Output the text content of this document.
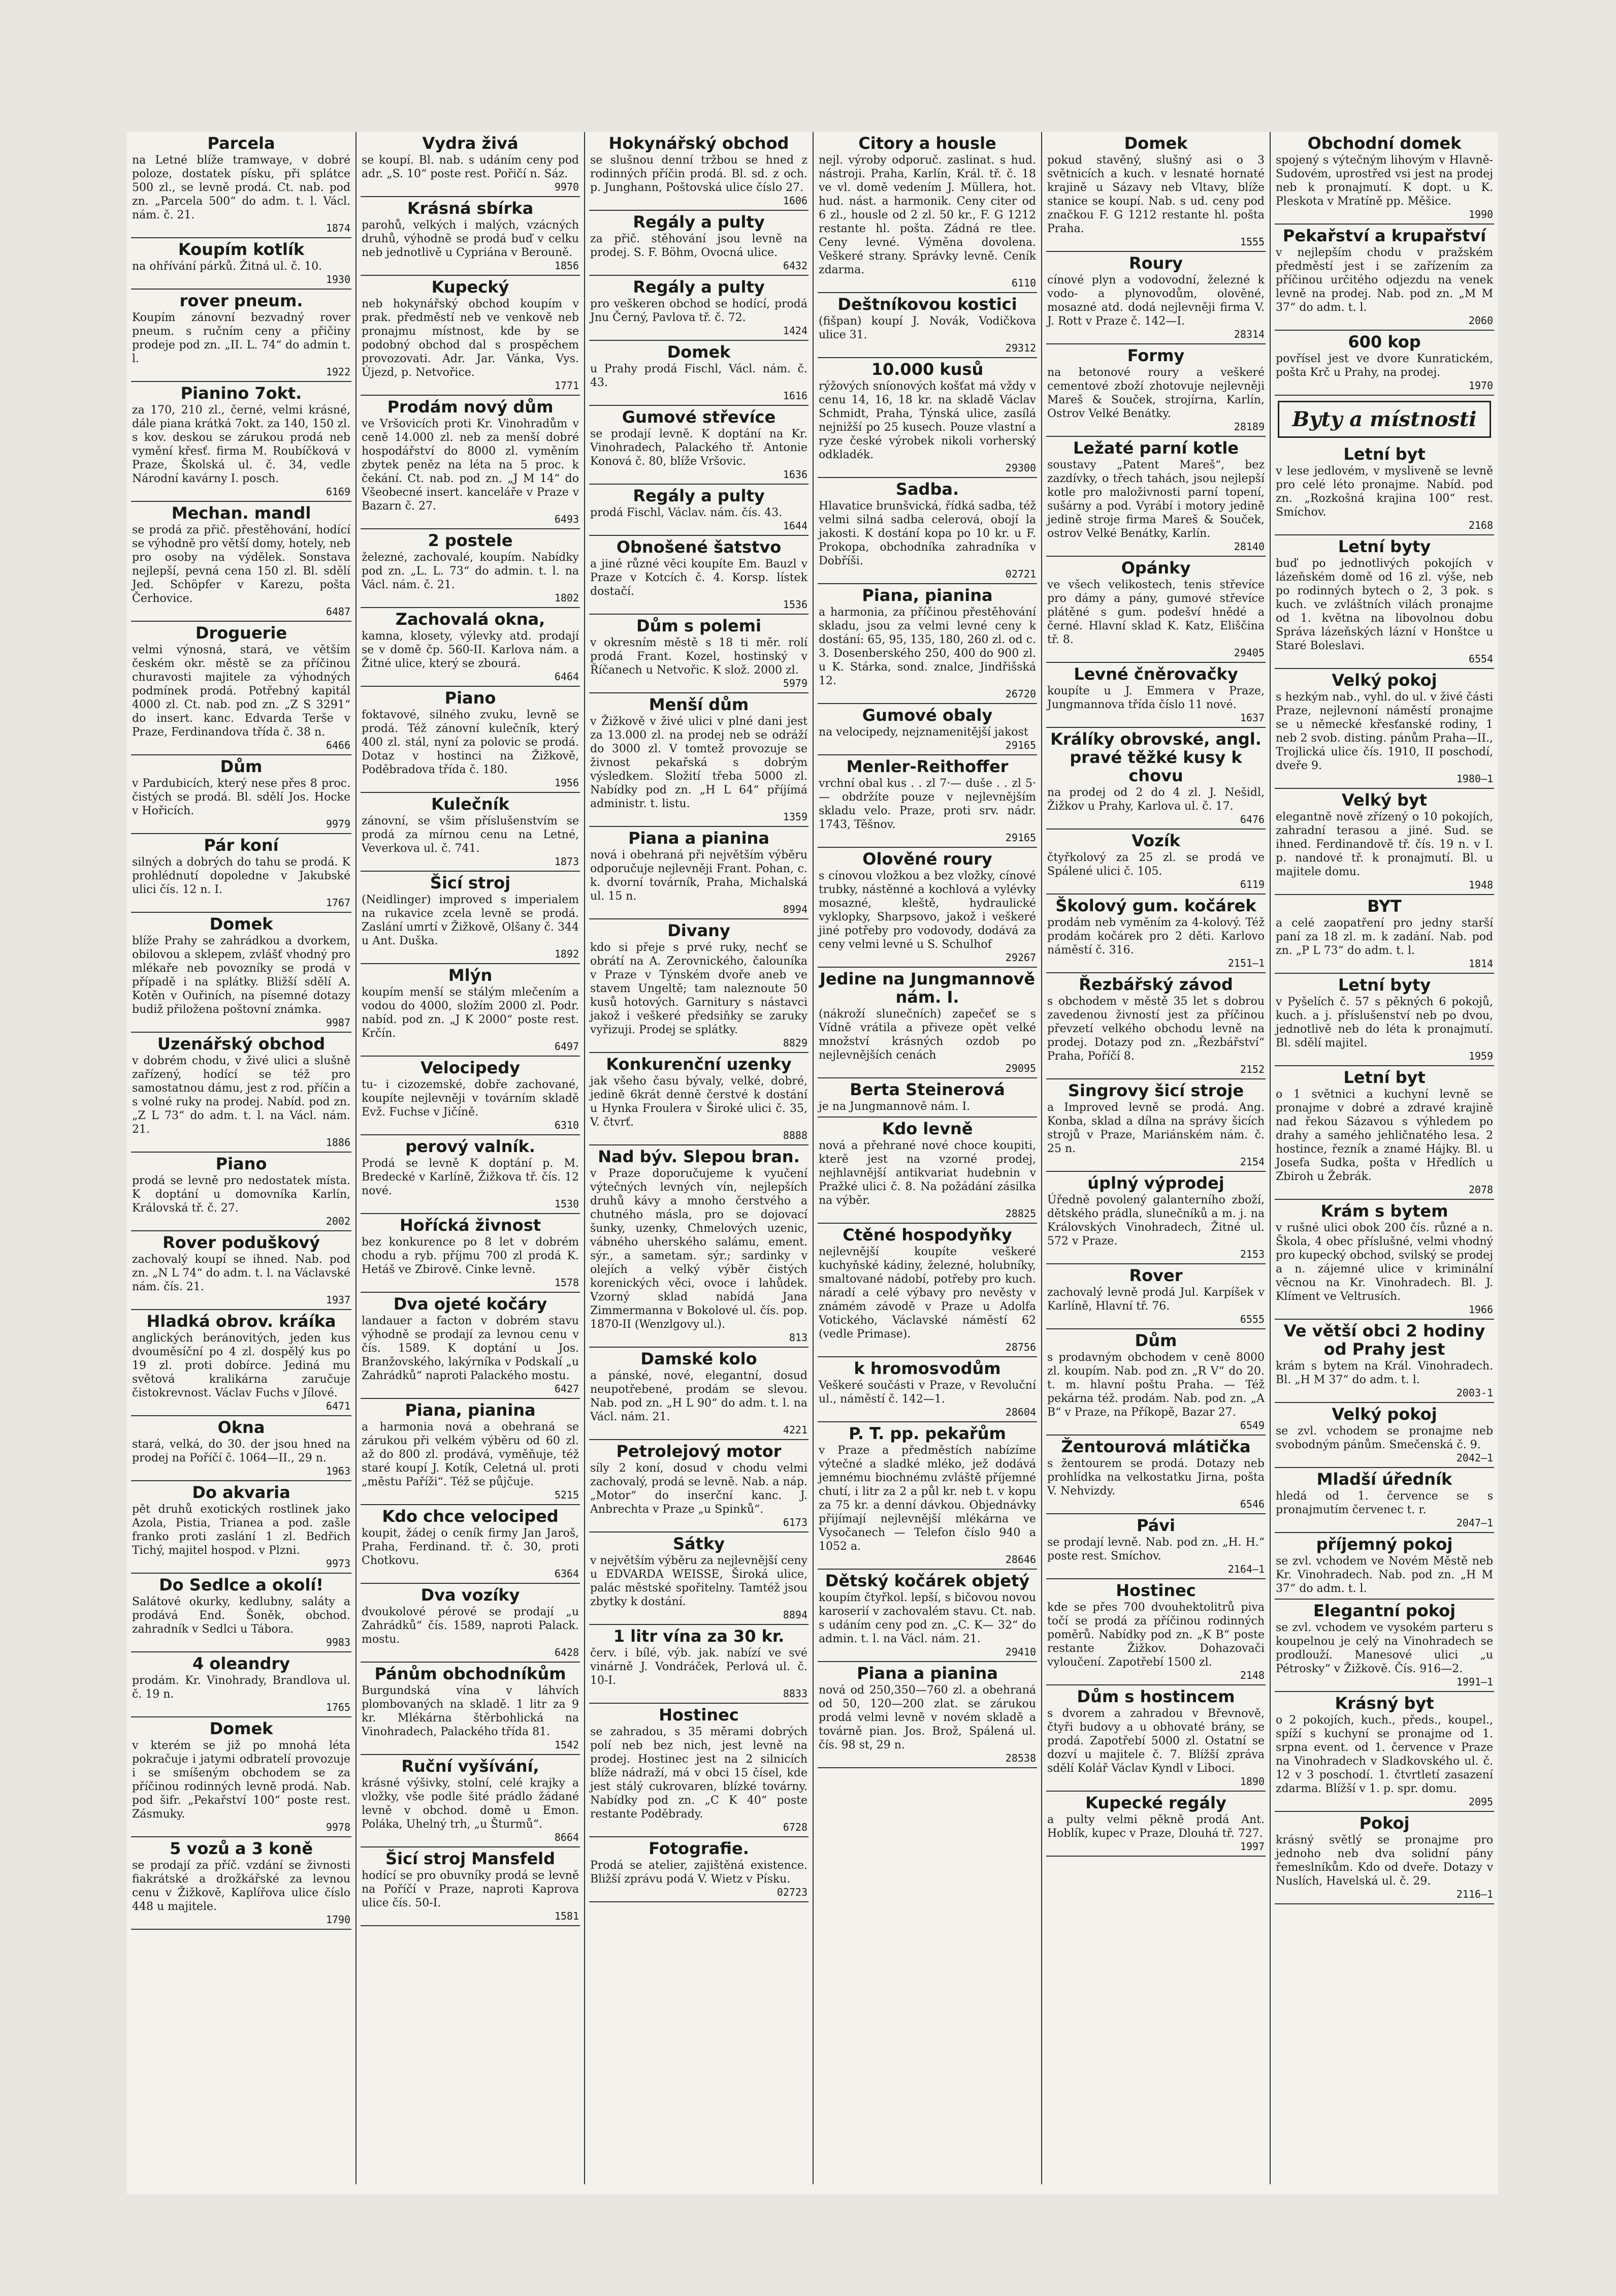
Parcela

na Letné blíže tramwaye, v dobré poloze, dostatek písku, při splátce 500 zl., se levně prodá. Ct. nab. pod zn. „Parcela 500“ do adm. t. l. Václ. nám. č. 21.

1874
Koupím kotlík

na ohřívání párků. Žitná ul. č. 10.

1930
rover pneum.

Koupím zánovní bezvadný rover pneum. s ručním ceny a přičiny prodeje pod zn. „II. L. 74“ do admin t. l.

1922
Pianino 7okt.

za 170, 210 zl., černé, velmi krásné, dále piana krátká 7okt. za 140, 150 zl. s kov. deskou se zárukou prodá neb vymění křesť. firma M. Roubíčková v Praze, Školská ul. č. 34, vedle Národní kavárny I. posch.

6169
Mechan. mandl

se prodá za přič. přestěhování, hodící se výhodně pro větší domy, hotely, neb pro osoby na výdělek. Sonstava nejlepší, pevná cena 150 zl. Bl. sdělí Jed. Schöpfer v Karezu, pošta Čerhovice.

6487
Droguerie

velmi výnosná, stará, ve větším českém okr. městě se za příčinou churavosti majitele za výhodných podmínek prodá. Potřebný kapitál 4000 zl. Ct. nab. pod zn. „Z S 3291“ do insert. kanc. Edvarda Terše v Praze, Ferdinandova třída č. 38 n.

6466
Dům

v Pardubicích, který nese přes 8 proc. čistých se prodá. Bl. sdělí Jos. Hocke v Hořicích.

9979
Pár koní

silných a dobrých do tahu se prodá. K prohlédnutí dopoledne v Jakubské ulici čís. 12 n. I.

1767
Domek

blíže Prahy se zahrádkou a dvorkem, obilovou a sklepem, zvlášť vhodný pro mlékaře neb povozníky se prodá v případě i na splátky. Bližší sdělí A. Kotěn v Ouřiních, na písemné dotazy budiž přiložena poštovní známka.

9987
Uzenářský obchod

v dobrém chodu, v živé ulici a slušně zařízený, hodící se též pro samostatnou dámu, jest z rod. příčin a s volné ruky na prodej. Nabíd. pod zn. „Z L 73“ do adm. t. l. na Václ. nám. 21.

1886
Piano

prodá se levně pro nedostatek místa. K doptání u domovníka Karlín, Královská tř. č. 27.

2002
Rover poduškový

zachovalý koupí se ihned. Nab. pod zn. „N L 74“ do adm. t. l. na Václavské nám. čís. 21.

1937
Hladká obrov. kráíka

anglických beránovitých, jeden kus dvouměsíční po 4 zl. dospělý kus po 19 zl. proti dobírce. Jediná mu světová kralikárna zaručuje čistokrevnost. Václav Fuchs v Jílové.

6471
Okna

stará, velká, do 30. der jsou hned na prodej na Poříčí č. 1064—II., 29 n.

1963
Do akvaria

pět druhů exotických rostlinek jako Azola, Pistia, Trianea a pod. zašle franko proti zaslání 1 zl. Bedřich Tichý, majitel hospod. v Plzni.

9973
Do Sedlce a okolí!

Salátové okurky, kedlubny, saláty a prodává End. Šoněk, obchod. zahradník v Sedlci u Tábora.

9983
4 oleandry

prodám. Kr. Vinohrady, Brandlova ul. č. 19 n.

1765
Domek

v kterém se již po mnohá léta pokračuje i jatymi odbratelí provozuje i se smíšeným obchodem se za příčinou rodinných levně prodá. Nab. pod šifr. „Pekařství 100“ poste rest. Zásmuky.

9978
5 vozů a 3 koně

se prodají za příč. vzdání se živnosti fiakrátské a drožkářské za levnou cenu v Žižkově, Kaplířova ulice číslo 448 u majitele.

1790
Vydra živá

se koupí. Bl. nab. s udáním ceny pod adr. „S. 10“ poste rest. Pořičí n. Sáz.

9970
Krásná sbírka

parohů, velkých i malých, vzácných druhů, výhodně se prodá buď v celku neb jednotlivě u Cypriána v Berouně.

1856
Kupecký

neb hokynářský obchod koupím v prak. předměstí neb ve venkově neb pronajmu místnost, kde by se podobný obchod dal s prospěchem provozovati. Adr. Jar. Vánka, Vys. Újezd, p. Netvořice.

1771
Prodám nový dům

ve Vršovicích proti Kr. Vinohradům v ceně 14.000 zl. neb za menší dobré hospodářství do 8000 zl. vyměním zbytek peněz na léta na 5 proc. k čekání. Ct. nab. pod zn. „J M 14“ do Všeobecné insert. kanceláře v Praze v Bazarn č. 27.

6493
2 postele

železné, zachovalé, koupím. Nabídky pod zn. „L. L. 73“ do admin. t. l. na Václ. nám. č. 21.

1802
Zachovalá okna,

kamna, klosety, výlevky atd. prodají se v domě čp. 560-II. Karlova nám. a Žitné ulice, který se zbourá.

6464
Piano

foktavové, silného zvuku, levně se prodá. Též zánovní kulečník, který 400 zl. stál, nyní za polovic se prodá. Dotaz v hostinci na Žižkově, Poděbradova třída č. 180.

1956
Kulečník

zánovní, se všim příslušenstvím se prodá za mírnou cenu na Letné, Veverkova ul. č. 741.

1873
Šicí stroj

(Neidlinger) improved s imperialem na rukavice zcela levně se prodá. Zaslání umrtí v Žižkově, Olšany č. 344 u Ant. Duška.

1892
Mlýn

koupím menší se stálým mlečením a vodou do 4000, složím 2000 zl. Podr. nabíd. pod zn. „J K 2000“ poste rest. Krčín.

6497
Velocipedy

tu- i cizozemské, dobře zachované, koupíte nejlevněji v továrním skladě Evž. Fuchse v Jičíně.

6310
perový valník.

Prodá se levně K doptání p. M. Bredecké v Karlíně, Žižkova tř. čís. 12 nové.

1530
Hořícká živnost

bez konkurence po 8 let v dobrém chodu a ryb. příjmu 700 zl prodá K. Hetáš ve Zbirově. Cinke levně.

1578
Dva ojeté kočáry

landauer a facton v dobrém stavu výhodně se prodají za levnou cenu v čís. 1589. K doptání u Jos. Branžovského, lakýrníka v Podskalí „u Zahrádků“ naproti Palackého mostu.

6427
Piana, pianina

a harmonia nová a obehraná se zárukou při velkém výběru od 60 zl. až do 800 zl. prodává, vyměňuje, též staré koupí J. Kotík, Celetná ul. proti „městu Paříži“. Též se půjčuje.

5215
Kdo chce velociped

koupit, žádej o ceník firmy Jan Jaroš, Praha, Ferdinand. tř. č. 30, proti Chotkovu.

6364
Dva vozíky

dvoukolové pérové se prodají „u Zahrádků“ čís. 1589, naproti Palack. mostu.

6428
Pánům obchodníkům

Burgundská vína v láhvích plombovaných na skladě. 1 litr za 9 kr. Mlékárna štěrbohlická na Vinohradech, Palackého třída 81.

1542
Ruční vyšívání,

krásné výšivky, stolní, celé krajky a vložky, vše podle šité prádlo žádané levně v obchod. domě u Emon. Poláka, Uhelný trh, „u Šturmů“.

8664
Šicí stroj Mansfeld

hodící se pro obuvníky prodá se levně na Poříčí v Praze, naproti Kaprova ulice čís. 50-I.

1581
Hokynářský obchod

se slušnou denní tržbou se hned z rodinných příčin prodá. Bl. sd. z och. p. Junghann, Poštovská ulice číslo 27.

1606
Regály a pulty

za přič. stěhování jsou levně na prodej. S. F. Böhm, Ovocná ulice.

6432
Regály a pulty

pro veškeren obchod se hodící, prodá Jnu Černý, Pavlova tř. č. 72.

1424
Domek

u Prahy prodá Fischl, Václ. nám. č. 43.

1616
Gumové střevíce

se prodají levně. K doptání na Kr. Vinohradech, Palackého tř. Antonie Konová č. 80, blíže Vršovic.

1636
Regály a pulty

prodá Fischl, Václav. nám. čís. 43.

1644
Obnošené šatstvo

a jiné různé věci koupíte Em. Bauzl v Praze v Kotcích č. 4. Korsp. lístek dostačí.

1536
Dům s polemi

v okresním městě s 18 ti měr. rolí prodá Frant. Kozel, hostinský v Říčanech u Netvořic. K slož. 2000 zl.

5979
Menší dům

v Žižkově v živé ulici v plné dani jest za 13.000 zl. na prodej neb se odráží do 3000 zl. V tomtež provozuje se živnost pekařská s dobrým výsledkem. Složití třeba 5000 zl. Nabídky pod zn. „H L 64“ příjímá administr. t. listu.

1359
Piana a pianina

nová i obehraná při největším výběru odporučuje nejlevněji Frant. Pohan, c. k. dvorní továrník, Praha, Michalská ul. 15 n.

8994
Divany

kdo si přeje s prvé ruky, nechť se obrátí na A. Zerovnického, čalouníka v Praze v Týnském dvoře aneb ve stavem Ungeltě; tam naleznoute 50 kusů hotových. Garnitury s nástavci jakož i veškeré předsiňky se zaruky vyřizuji. Prodej se splátky.

8829
Konkurenční uzenky

jak všeho času bývaly, velké, dobré, jedině 6krát denně čerstvé k dostání u Hynka Froulera v Široké ulici č. 35, V. čtvrť.

8888
Nad býv. Slepou bran.

v Praze doporučujeme k vyučení výtečných levných vín, nejlepších druhů kávy a mnoho čerstvého a chutného másla, pro se dojovací šunky, uzenky, Chmelových uzenic, vábného uherského salámu, ement. sýr., a sametam. sýr.; sardinky v olejích a velký výběr čistých korenických věci, ovoce i lahůdek. Vzorný sklad nabídá Jana Zimmermanna v Bokolové ul. čís. pop. 1870-II (Wenzlgovy ul.).

813
Damské kolo

a pánské, nové, elegantní, dosud neupotřebené, prodám se slevou. Nab. pod zn. „H L 90“ do adm. t. l. na Václ. nám. 21.

4221
Petrolejový motor

síly 2 koní, dosud v chodu velmi zachovalý, prodá se levně. Nab. a náp. „Motor“ do inserční kanc. J. Anbrechta v Praze „u Spinků“.

6173
Sátky

v největším výběru za nejlevnější ceny u EDVARDA WEISSE, Široká ulice, palác městské spořitelny. Tamtéž jsou zbytky k dostání.

8894
1 litr vína za 30 kr.

červ. i bílé, výb. jak. nabízí ve své vinárně J. Vondráček, Perlová ul. č. 10-I.

8833
Hostinec

se zahradou, s 35 měrami dobrých polí neb bez nich, jest levně na prodej. Hostinec jest na 2 silnicích blíže nádraží, má v obci 15 čísel, kde jest stálý cukrovaren, blízké továrny. Nabídky pod zn. „C K 40“ poste restante Poděbrady.

6728
Fotografie.

Prodá se atelier, zajištěná existence. Bližší zprávu podá V. Wietz v Písku.

02723
Citory a housle

nejl. výroby odporuč. zaslinat. s hud. nástroji. Praha, Karlín, Král. tř. č. 18 ve vl. domě vedením J. Müllera, hot. hud. nást. a harmonik. Ceny citer od 6 zl., housle od 2 zl. 50 kr., F. G 1212 restante hl. pošta. Zádná re tlee. Ceny levné. Výměna dovolena. Veškeré strany. Správky levně. Ceník zdarma.

6110
Deštníkovou kostici

(fišpan) koupí J. Novák, Vodičkova ulice 31.

29312
10.000 kusů

rýžových sníonových košťat má vždy v cenu 14, 16, 18 kr. na skladě Václav Schmidt, Praha, Týnská ulice, zasílá nejnižší po 25 kusech. Pouze vlastní a ryze české výrobek nikoli vorherský odkladék.

29300
Sadba.

Hlavatice brunšvická, řídká sadba, též velmi silná sadba celerová, obojí la jakosti. K dostání kopa po 10 kr. u F. Prokopa, obchodníka zahradníka v Dobříši.

02721
Piana, pianina

a harmonia, za příčinou přestěhování skladu, jsou za velmi levné ceny k dostání: 65, 95, 135, 180, 260 zl. od c. 3. Dosenberského 250, 400 do 900 zl. u K. Stárka, sond. znalce, Jindřišská 12.

26720
Gumové obaly

na velocipedy, nejznamenitější jakost

29165
Menler-Reithoffer

vrchní obal kus . . zl 7·— duše . . zl 5·— obdržíte pouze v nejlevnějším skladu velo. Praze, proti srv. nádr. 1743, Těšnov.

29165
Olověné roury

s cínovou vložkou a bez vložky, cínové trubky, nástěnné a kochlová a vylévky mosazné, kleště, hydraulické vyklopky, Sharpsovo, jakož i veškeré jiné potřeby pro vodovody, dodává za ceny velmi levné u S. Schulhof

29267
Jedine na Jungmannově nám. I.

(nákroží slunečních) zapečeť se s Vídně vrátila a přiveze opět velké množství krásných ozdob po nejlevnějších cenách

29095
Berta Steinerová

je na Jungmannově nám. I.

Kdo levně

nová a přehrané nové choce koupiti, kterě jest na vzorné prodej, nejhlavnější antikvariat hudebnin v Pražké ulici č. 8. Na požádání zásilka na výběr.

28825
Ctěné hospodyňky

nejlevnější koupíte veškeré kuchyňské kádiny, železné, holubníky, smaltované nádobí, potřeby pro kuch. náradí a celé výbavy pro nevěsty v známém závodě v Praze u Adolfa Votického, Václavské náměstí 62 (vedle Primase).

28756
k hromosvodům

Veškeré součásti v Praze, v Revoluční ul., náměstí č. 142—1.

28604
P. T. pp. pekařům

v Praze a předměstích nabízíme výtečné a sladké mléko, jež dodává jemnému biochnému zvláště příjemné chutí, i litr za 2 a půl kr. neb t. v kopu za 75 kr. a denní dávkou. Objednávky přijímají nejlevnější mlékárna ve Vysočanech — Telefon číslo 940 a 1052 a.

28646
Dětský kočárek objetý

koupím čtyřkol. lepší, s bičovou novou karoserií v zachovalém stavu. Ct. nab. s udáním ceny pod zn. „C. K— 32“ do admin. t. l. na Václ. nám. 21.

29410
Piana a pianina

nová od 250,350—760 zl. a obehraná od 50, 120—200 zlat. se zárukou prodá velmi levně v novém skladě a továrně pian. Jos. Brož, Spálená ul. čís. 98 st, 29 n.

28538
Domek

pokud stavěný, slušný asi o 3 světnicích a kuch. v lesnaté hornaté krajině u Sázavy neb Vltavy, blíže stanice se koupí. Nab. s ud. ceny pod značkou F. G 1212 restante hl. pošta Praha.

1555
Roury

cínové plyn a vodovodní, železné k vodo- a plynovodům, olověné, mosazné atd. dodá nejlevněji firma V. J. Rott v Praze č. 142—I.

28314
Formy

na betonové roury a veškeré cementové zboží zhotovuje nejlevněji Mareš & Souček, strojírna, Karlín, Ostrov Velké Benátky.

28189
Ležaté parní kotle

soustavy „Patent Mareš“, bez zazdívky, o třech tahách, jsou nejlepší kotle pro maloživnosti parní topení, sušárny a pod. Vyrábí i motory jedině jedině stroje firma Mareš & Souček, ostrov Velké Benátky, Karlín.

28140
Opánky

ve všech velikostech, tenis střevíce pro dámy a pány, gumové střevíce plátěné s gum. podešví hnědé a černé. Hlavní sklad K. Katz, Eliščina tř. 8.

29405
Levné čněrovačky

koupíte u J. Emmera v Praze, Jungmannova třída číslo 11 nové.

1637
Králíky obrovské, angl. pravé těžké kusy k chovu

na prodej od 2 do 4 zl. J. Nešidl, Žižkov u Prahy, Karlova ul. č. 17.

6476
Vozík

čtyřkolový za 25 zl. se prodá ve Spálené ulici č. 105.

6119
Školový gum. kočárek

prodám neb vyměním za 4-kolový. Též prodám kočárek pro 2 děti. Karlovo náměstí č. 316.

2151—1
Řezbářský závod

s obchodem v městě 35 let s dobrou zavedenou živností jest za příčinou převzetí velkého obchodu levně na prodej. Dotazy pod zn. „Řezbářství“ Praha, Poříčí 8.

2152
Singrovy šicí stroje

a Improved levně se prodá. Ang. Konba, sklad a dílna na správy šicích strojů v Praze, Mariánském nám. č. 25 n.

2154
úplný výprodej

Úředně povolený galanterního zboží, dětského prádla, slunečníků a m. j. na Královských Vinohradech, Žitné ul. 572 v Praze.

2153
Rover

zachovalý levně prodá Jul. Karpíšek v Karlíně, Hlavní tř. 76.

6555
Dům

s prodavným obchodem v ceně 8000 zl. koupím. Nab. pod zn. „R V“ do 20. t. m. hlavní poštu Praha. — Též pekárna též. prodám. Nab. pod zn. „A B“ v Praze, na Příkopě, Bazar 27.

6549
Žentourová mlátička

s žentourem se prodá. Dotazy neb prohlídka na velkostatku Jirna, pošta V. Nehvizdy.

6546
Pávi

se prodají levně. Nab. pod zn. „H. H.“ poste rest. Smíchov.

2164—1
Hostinec

kde se přes 700 dvouhektolitrů piva točí se prodá za příčinou rodinných poměrů. Nabídky pod zn. „K B“ poste restante Žižkov. Dohazovači vyloučení. Zapotřebí 1500 zl.

2148
Dům s hostincem

s dvorem a zahradou v Břevnově, čtyři budovy a u obhovaté brány, se prodá. Zapotřebí 5000 zl. Ostatní se dozví u majitele č. 7. Blížší zpráva sdělí Kolář Václav Kyndl v Liboci.

1890
Kupecké regály

a pulty velmi pěkně prodá Ant. Hoblík, kupec v Praze, Dlouhá tř. 727.

1997
Obchodní domek

spojený s výtečným lihovým v Hlavně-Sudovém, uprostřed vsi jest na prodej neb k pronajmutí. K dopt. u K. Pleskota v Mratíně pp. Měšice.

1990
Pekařství a krupařství

v nejlepším chodu v pražském předměstí jest i se zařízením za příčinou určitého odjezdu na venek levně na prodej. Nab. pod zn. „M M 37“ do adm. t. l.

2060
600 kop

povřísel jest ve dvore Kunratickém, pošta Krč u Prahy, na prodej.

1970
Byty a místnosti
Letní byt

v lese jedlovém, v mysliveně se levně pro celé léto pronajme. Nabíd. pod zn. „Rozkošná krajina 100“ rest. Smíchov.

2168
Letní byty

buď po jednotlivých pokojích v lázeňském domě od 16 zl. výše, neb po rodinných bytech o 2, 3 pok. s kuch. ve zvláštních vilách pronajme od 1. května na libovolnou dobu Správa lázeňských lázní v Honštce u Staré Boleslavi.

6554
Velký pokoj

s hezkým nab., vyhl. do ul. v živé části Praze, nejlevnoní náměstí pronajme se u německé křesťanské rodiny, 1 neb 2 svob. disting. pánům Praha—II., Trojlická ulice čís. 1910, II poschodí, dveře 9.

1980—1
Velký byt

elegantně nově zřízený o 10 pokojích, zahradní terasou a jiné. Sud. se ihned. Ferdinandově tř. čís. 19 n. v I. p. nandové tř. k pronajmutí. Bl. u majitele domu.

1948
BYT

a celé zaopatření pro jedny starší paní za 18 zl. m. k zadání. Nab. pod zn. „P L 73“ do adm. t. l.

1814
Letní byty

v Pyšelích č. 57 s pěkných 6 pokojů, kuch. a j. příslušenství neb po dvou, jednotlivě neb do léta k pronajmutí. Bl. sdělí majitel.

1959
Letní byt

o 1 světnici a kuchyní levně se pronajme v dobré a zdravé krajině nad řekou Sázavou s výhledem po drahy a samého jehličnatého lesa. 2 hostince, řezník a znamé Hájky. Bl. u Josefa Sudka, pošta v Hředlích u Zbiroh u Žebrák.

2078
Krám s bytem

v rušné ulici obok 200 čís. různé a n. Škola, 4 obec příslušné, velmi vhodný pro kupecký obchod, svilský se prodej a n. zájemné ulice v kriminální věcnou na Kr. Vinohradech. Bl. J. Klíment ve Veltrusích.

1966
Ve větší obci 2 hodiny od Prahy jest

krám s bytem na Král. Vinohradech. Bl. „H M 37“ do adm. t. l.

2003-1
Velký pokoj

se zvl. vchodem se pronajme neb svobodným pánům. Smečenská č. 9.

2042—1
Mladší úředník

hledá od 1. července se s pronajmutím červenec t. r.

2047—1
příjemný pokoj

se zvl. vchodem ve Novém Městě neb Kr. Vinohradech. Nab. pod zn. „H M 37“ do adm. t. l.

Elegantní pokoj

se zvl. vchodem ve vysokém parteru s koupelnou je celý na Vinohradech se prodlouží. Manesové ulici „u Pétrosky“ v Žižkově. Čís. 916—2.

1991—1
Krásný byt

o 2 pokojích, kuch., předs., koupel., spíží s kuchyní se pronajme od 1. srpna event. od 1. července v Praze na Vinohradech v Sladkovského ul. č. 12 v 3 poschodí. 1. čtvrtletí zasazení zdarma. Blížší v 1. p. spr. domu.

2095
Pokoj

krásný světlý se pronajme pro jednoho neb dva solidní pány řemeslníkům. Kdo od dveře. Dotazy v Nuslích, Havelská ul. č. 29.

2116—1
